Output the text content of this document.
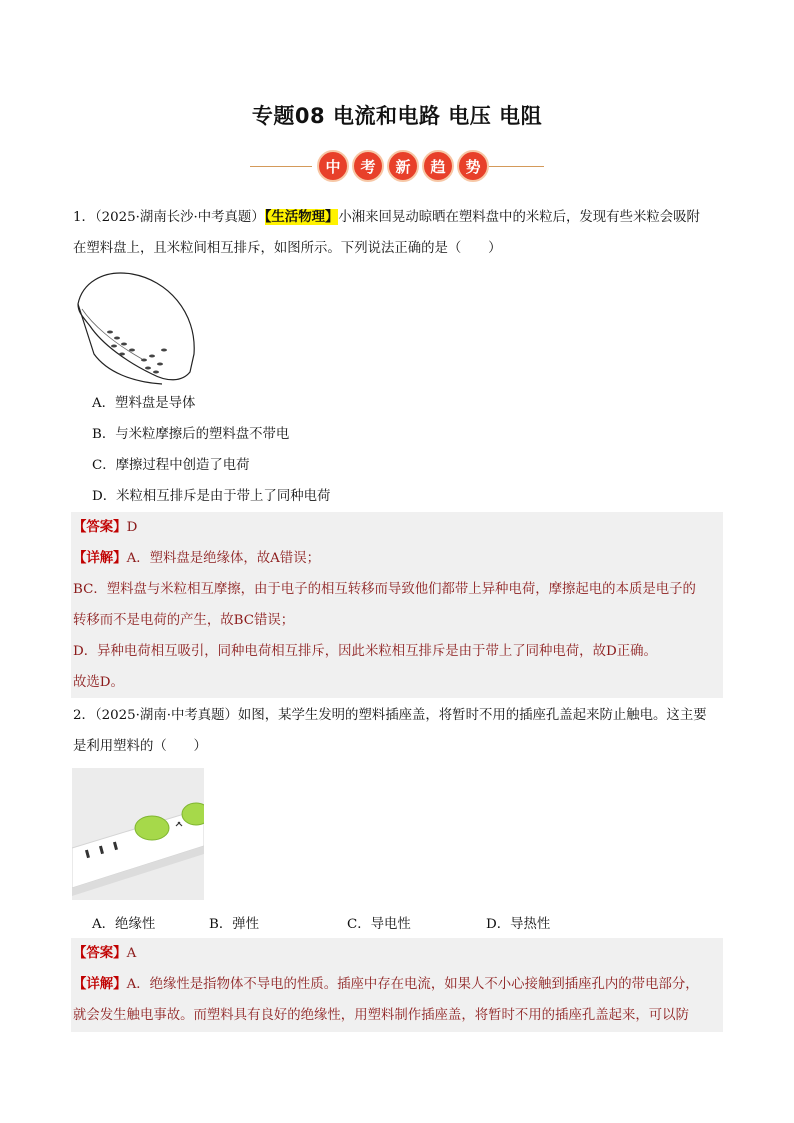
专题08 电流和电路 电压 电阻
中	考	新	趋	势
1．（2025·湖南长沙·中考真题）【生活物理】小湘来回晃动晾晒在塑料盘中的米粒后，发现有些米粒会吸附
在塑料盘上，且米粒间相互排斥，如图所示。下列说法正确的是（　　）
A．塑料盘是导体
B．与米粒摩擦后的塑料盘不带电
C．摩擦过程中创造了电荷
D．米粒相互排斥是由于带上了同种电荷
【答案】D
【详解】A．塑料盘是绝缘体，故A错误；
BC．塑料盘与米粒相互摩擦，由于电子的相互转移而导致他们都带上异种电荷，摩擦起电的本质是电子的
转移而不是电荷的产生，故BC错误；
D．异种电荷相互吸引，同种电荷相互排斥，因此米粒相互排斥是由于带上了同种电荷，故D正确。
故选D。
2．（2025·湖南·中考真题）如图，某学生发明的塑料插座盖，将暂时不用的插座孔盖起来防止触电。这主要
是利用塑料的（　　）
A．绝缘性	B．弹性	C．导电性	D．导热性
【答案】A
【详解】A．绝缘性是指物体不导电的性质。插座中存在电流，如果人不小心接触到插座孔内的带电部分，
就会发生触电事故。而塑料具有良好的绝缘性，用塑料制作插座盖，将暂时不用的插座孔盖起来，可以防
